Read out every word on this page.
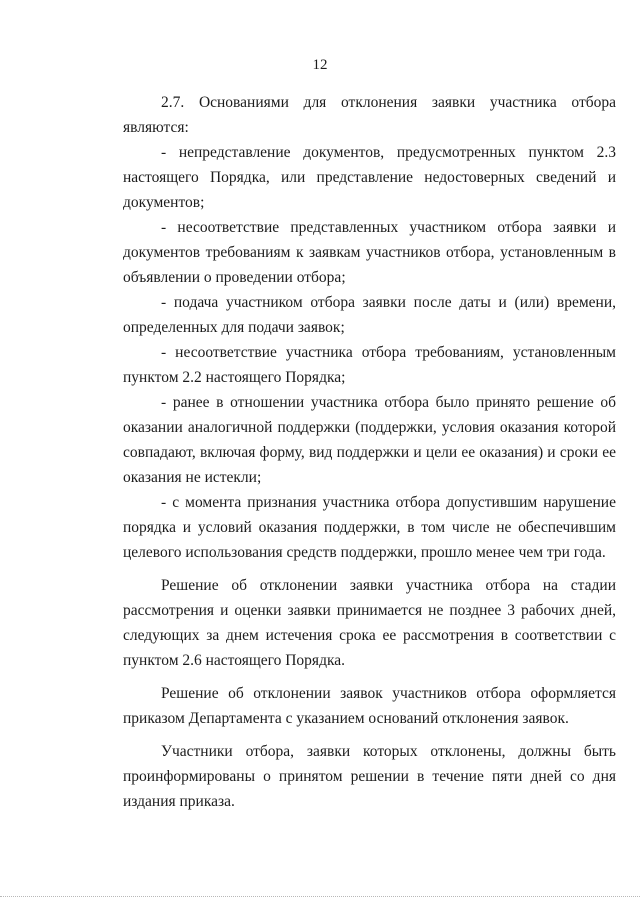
12

2.7. Основаниями для отклонения заявки участника отбора являются:

- непредставление документов, предусмотренных пунктом 2.3 настоящего Порядка, или представление недостоверных сведений и документов;

- несоответствие представленных участником отбора заявки и документов требованиям к заявкам участников отбора, установленным в объявлении о проведении отбора;

- подача участником отбора заявки после даты и (или) времени, определенных для подачи заявок;

- несоответствие участника отбора требованиям, установленным пунктом 2.2 настоящего Порядка;

- ранее в отношении участника отбора было принято решение об оказании аналогичной поддержки (поддержки, условия оказания которой совпадают, включая форму, вид поддержки и цели ее оказания) и сроки ее оказания не истекли;

- с момента признания участника отбора допустившим нарушение порядка и условий оказания поддержки, в том числе не обеспечившим целевого использования средств поддержки, прошло менее чем три года.

Решение об отклонении заявки участника отбора на стадии рассмотрения и оценки заявки принимается не позднее 3 рабочих дней, следующих за днем истечения срока ее рассмотрения в соответствии с пунктом 2.6 настоящего Порядка.

Решение об отклонении заявок участников отбора оформляется приказом Департамента с указанием оснований отклонения заявок.

Участники отбора, заявки которых отклонены, должны быть проинформированы о принятом решении в течение пяти дней со дня издания приказа.
